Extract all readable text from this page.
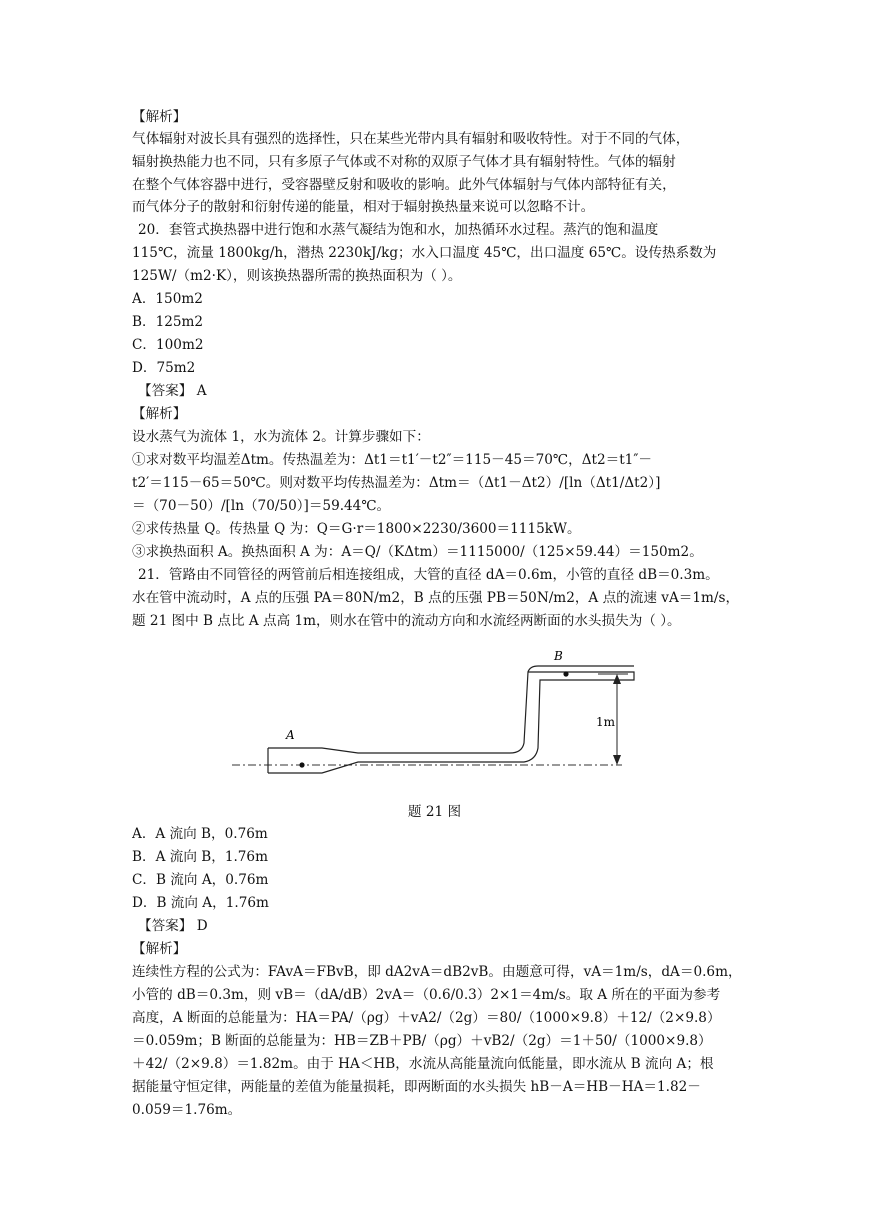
【解析】
气体辐射对波长具有强烈的选择性，只在某些光带内具有辐射和吸收特性。对于不同的气体，
辐射换热能力也不同，只有多原子气体或不对称的双原子气体才具有辐射特性。气体的辐射
在整个气体容器中进行，受容器壁反射和吸收的影响。此外气体辐射与气体内部特征有关，
而气体分子的散射和衍射传递的能量，相对于辐射换热量来说可以忽略不计。
20．套管式换热器中进行饱和水蒸气凝结为饱和水，加热循环水过程。蒸汽的饱和温度
115℃，流量 1800kg/h，潜热 2230kJ/kg；水入口温度 45℃，出口温度 65℃。设传热系数为
125W/（m2·K），则该换热器所需的换热面积为（ ）。
A．150m2
B．125m2
C．100m2
D．75m2
【答案】 A
【解析】
设水蒸气为流体 1，水为流体 2。计算步骤如下：
①求对数平均温差Δtm。传热温差为：Δt1＝t1′－t2″＝115－45＝70℃，Δt2＝t1″－
t2′＝115－65＝50℃。则对数平均传热温差为：Δtm＝（Δt1－Δt2）/[ln（Δt1/Δt2）]
＝（70－50）/[ln（70/50）]＝59.44℃。
②求传热量 Q。传热量 Q 为：Q＝G·r＝1800×2230/3600＝1115kW。
③求换热面积 A。换热面积 A 为：A＝Q/（KΔtm）＝1115000/（125×59.44）＝150m2。
21．管路由不同管径的两管前后相连接组成，大管的直径 dA＝0.6m，小管的直径 dB＝0.3m。
水在管中流动时，A 点的压强 PA＝80N/m2，B 点的压强 PB＝50N/m2，A 点的流速 vA＝1m/s，
题 21 图中 B 点比 A 点高 1m，则水在管中的流动方向和水流经两断面的水头损失为（ ）。
A
B
1m
题 21 图
A．A 流向 B，0.76m
B．A 流向 B，1.76m
C．B 流向 A，0.76m
D．B 流向 A，1.76m
【答案】 D
【解析】
连续性方程的公式为：FAvA＝FBvB，即 dA2vA＝dB2vB。由题意可得，vA＝1m/s，dA＝0.6m，
小管的 dB＝0.3m，则 vB＝（dA/dB）2vA＝（0.6/0.3）2×1＝4m/s。取 A 所在的平面为参考
高度，A 断面的总能量为：HA＝PA/（ρg）＋vA2/（2g）＝80/（1000×9.8）＋12/（2×9.8）
＝0.059m；B 断面的总能量为：HB＝ZB＋PB/（ρg）＋vB2/（2g）＝1＋50/（1000×9.8）
＋42/（2×9.8）＝1.82m。由于 HA＜HB，水流从高能量流向低能量，即水流从 B 流向 A；根
据能量守恒定律，两能量的差值为能量损耗，即两断面的水头损失 hB－A＝HB－HA＝1.82－
0.059＝1.76m。
